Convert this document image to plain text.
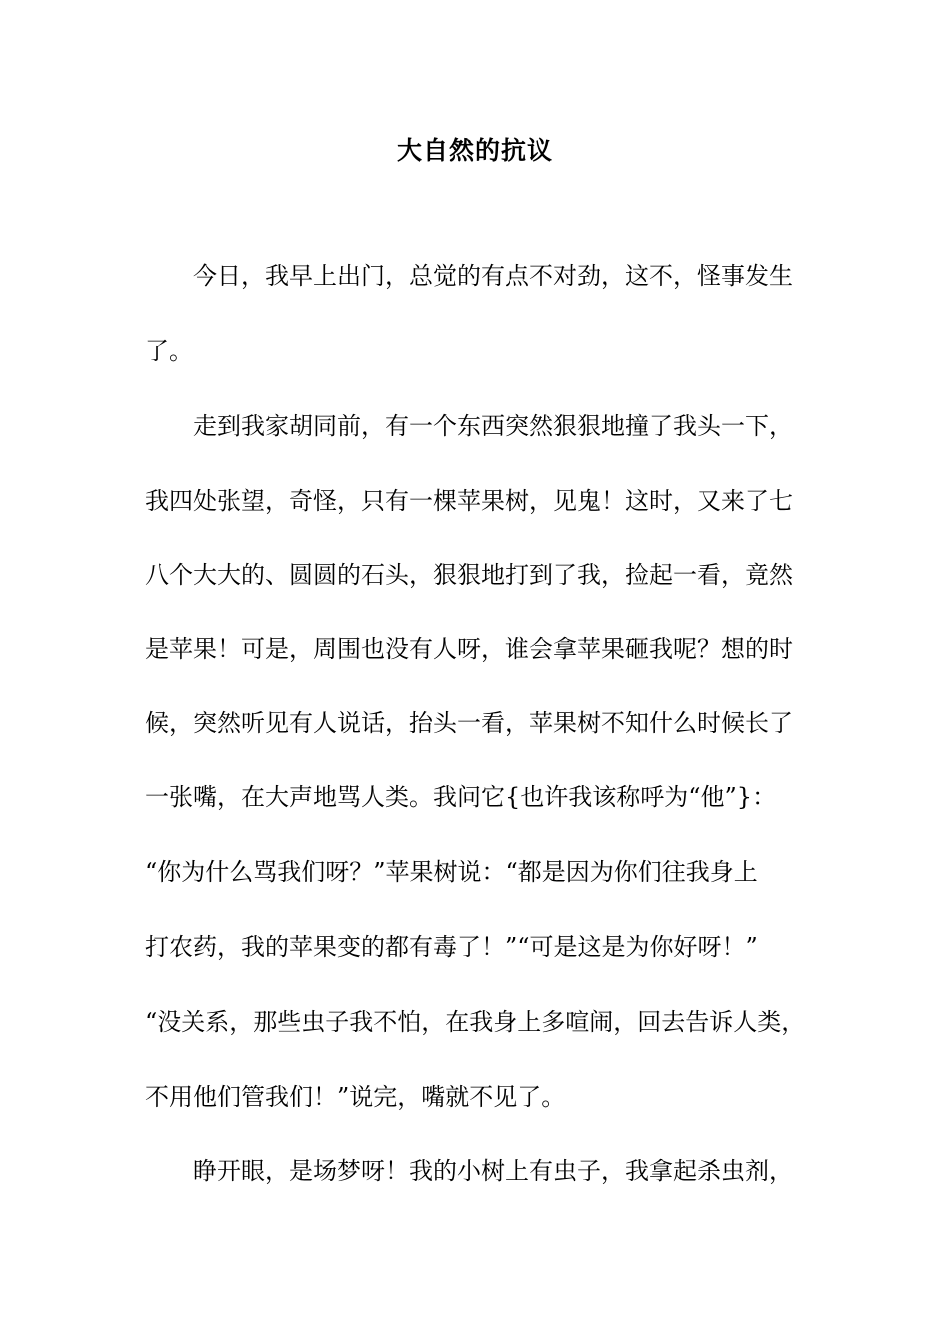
大自然的抗议
今日，我早上出门，总觉的有点不对劲，这不，怪事发生
了。
走到我家胡同前，有一个东西突然狠狠地撞了我头一下，
我四处张望，奇怪，只有一棵苹果树，见鬼！这时，又来了七
八个大大的、圆圆的石头，狠狠地打到了我，捡起一看，竟然
是苹果！可是，周围也没有人呀，谁会拿苹果砸我呢？想的时
候，突然听见有人说话，抬头一看，苹果树不知什么时候长了
一张嘴，在大声地骂人类。我问它{也许我该称呼为“他”}：
“你为什么骂我们呀？”苹果树说：“都是因为你们往我身上
打农药，我的苹果变的都有毒了！”“可是这是为你好呀！”
“没关系，那些虫子我不怕，在我身上多喧闹，回去告诉人类，
不用他们管我们！”说完，嘴就不见了。
睁开眼，是场梦呀！我的小树上有虫子，我拿起杀虫剂，
